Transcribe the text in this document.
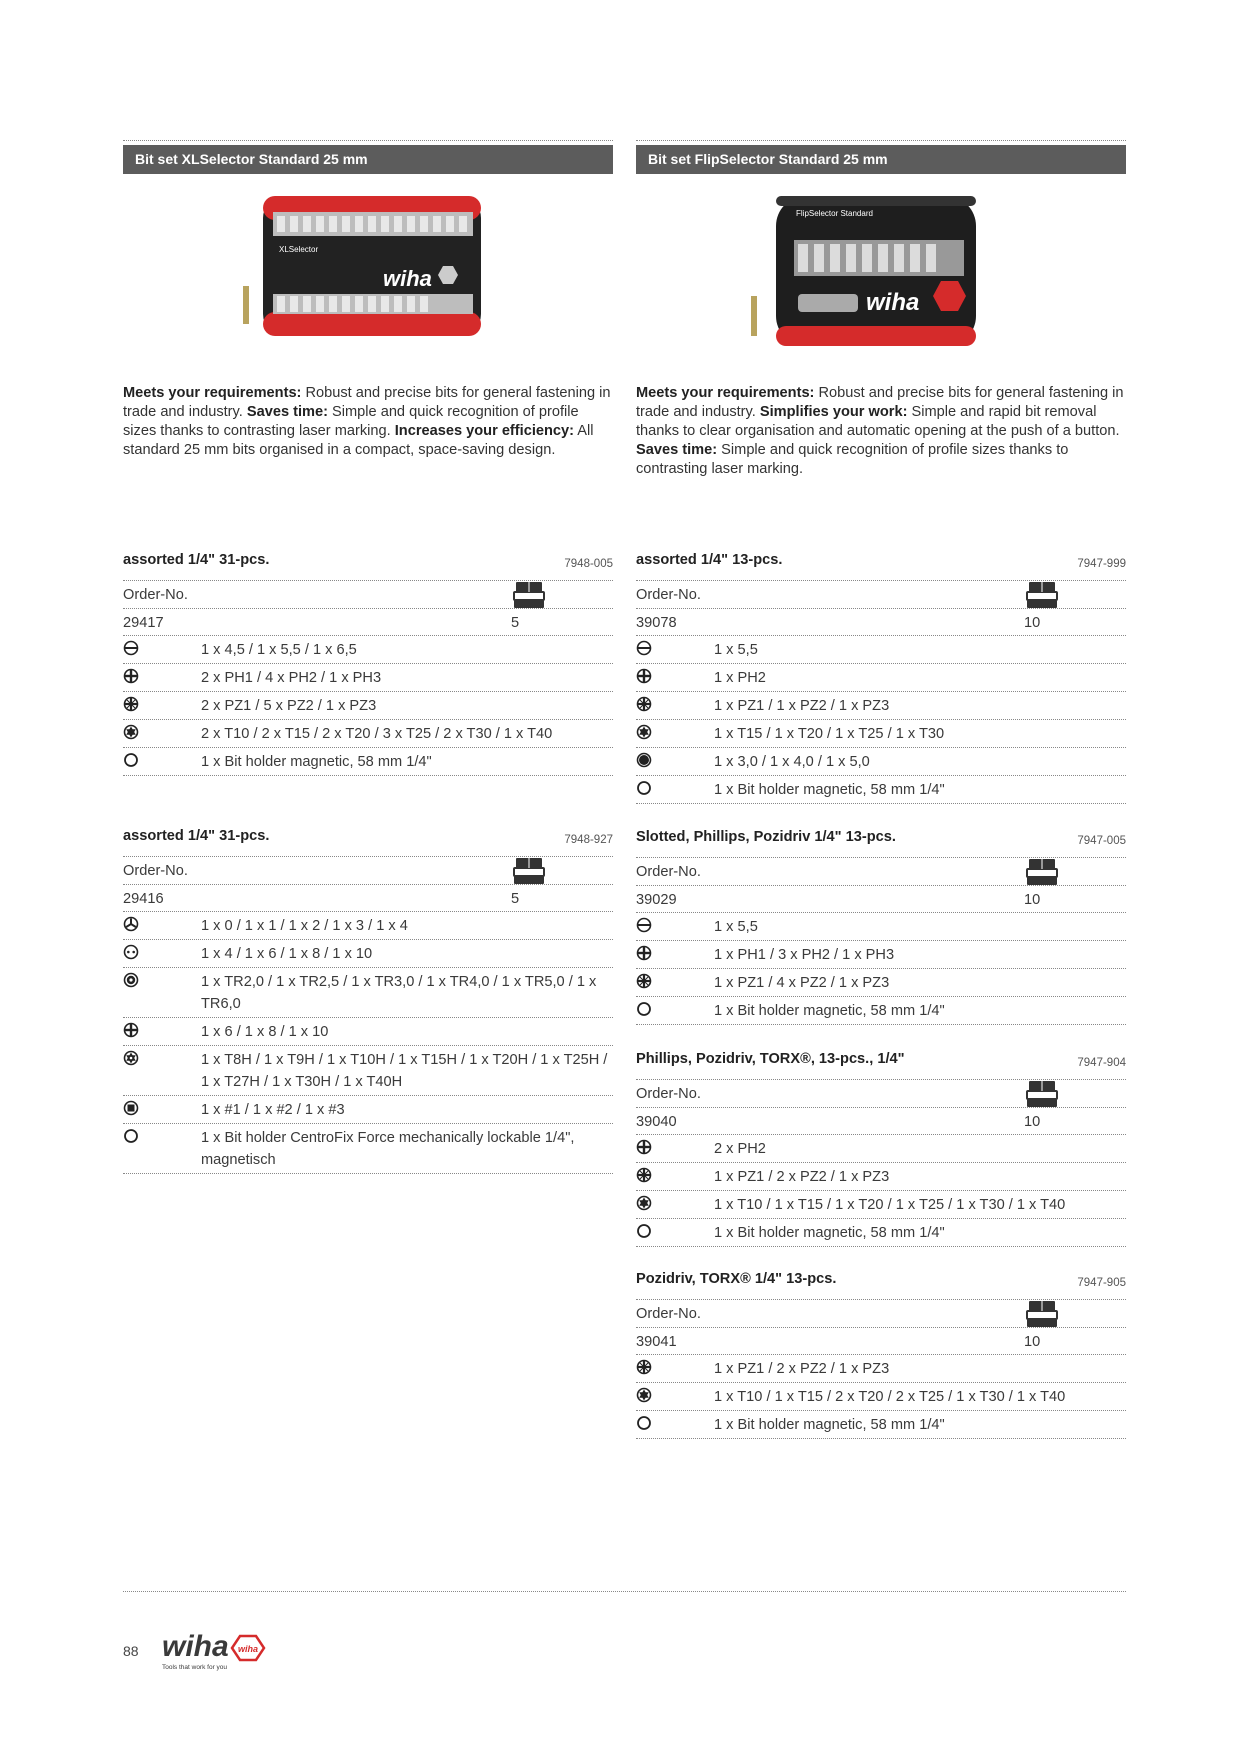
Bit set XLSelector Standard 25 mm
XLSelector
wiha

Meets your requirements: Robust and precise bits for general fastening in trade and industry. Saves time: Simple and quick recognition of profile sizes thanks to contrasting laser marking. Increases your efficiency: All standard 25 mm bits organised in a compact, space-saving design.

assorted 1/4" 31-pcs.	7948-005
Order-No.
29417	5
1 x 4,5 / 1 x 5,5 / 1 x 6,5
2 x PH1 / 4 x PH2 / 1 x PH3
2 x PZ1 / 5 x PZ2 / 1 x PZ3
2 x T10 / 2 x T15 / 2 x T20 / 3 x T25 / 2 x T30 / 1 x T40
1 x Bit holder magnetic, 58 mm 1/4"
assorted 1/4" 31-pcs.	7948-927
Order-No.
29416	5
1 x 0 / 1 x 1 / 1 x 2 / 1 x 3 / 1 x 4
1 x 4 / 1 x 6 / 1 x 8 / 1 x 10
1 x TR2,0 / 1 x TR2,5 / 1 x TR3,0 / 1 x TR4,0 / 1 x TR5,0 / 1 x TR6,0
1 x 6 / 1 x 8 / 1 x 10
1 x T8H / 1 x T9H / 1 x T10H / 1 x T15H / 1 x T20H / 1 x T25H / 1 x T27H / 1 x T30H / 1 x T40H
1 x #1 / 1 x #2 / 1 x #3
1 x Bit holder CentroFix Force mechanically lockable 1/4", magnetisch
Bit set FlipSelector Standard 25 mm
FlipSelector Standard
wiha

Meets your requirements: Robust and precise bits for general fastening in trade and industry. Simplifies your work: Simple and rapid bit removal thanks to clear organisation and automatic opening at the push of a button. Saves time: Simple and quick recognition of profile sizes thanks to contrasting laser marking.

assorted 1/4" 13-pcs.	7947-999
Order-No.
39078	10
1 x 5,5
1 x PH2
1 x PZ1 / 1 x PZ2 / 1 x PZ3
1 x T15 / 1 x T20 / 1 x T25 / 1 x T30
1 x 3,0 / 1 x 4,0 / 1 x 5,0
1 x Bit holder magnetic, 58 mm 1/4"
Slotted, Phillips, Pozidriv 1/4" 13-pcs.	7947-005
Order-No.
39029	10
1 x 5,5
1 x PH1 / 3 x PH2 / 1 x PH3
1 x PZ1 / 4 x PZ2 / 1 x PZ3
1 x Bit holder magnetic, 58 mm 1/4"
Phillips, Pozidriv, TORX®, 13-pcs., 1/4"	7947-904
Order-No.
39040	10
2 x PH2
1 x PZ1 / 2 x PZ2 / 1 x PZ3
1 x T10 / 1 x T15 / 1 x T20 / 1 x T25 / 1 x T30 / 1 x T40
1 x Bit holder magnetic, 58 mm 1/4"
Pozidriv, TORX® 1/4" 13-pcs.	7947-905
Order-No.
39041	10
1 x PZ1 / 2 x PZ2 / 1 x PZ3
1 x T10 / 1 x T15 / 2 x T20 / 2 x T25 / 1 x T30 / 1 x T40
1 x Bit holder magnetic, 58 mm 1/4"
88 wiha wiha
Tools that work for you
